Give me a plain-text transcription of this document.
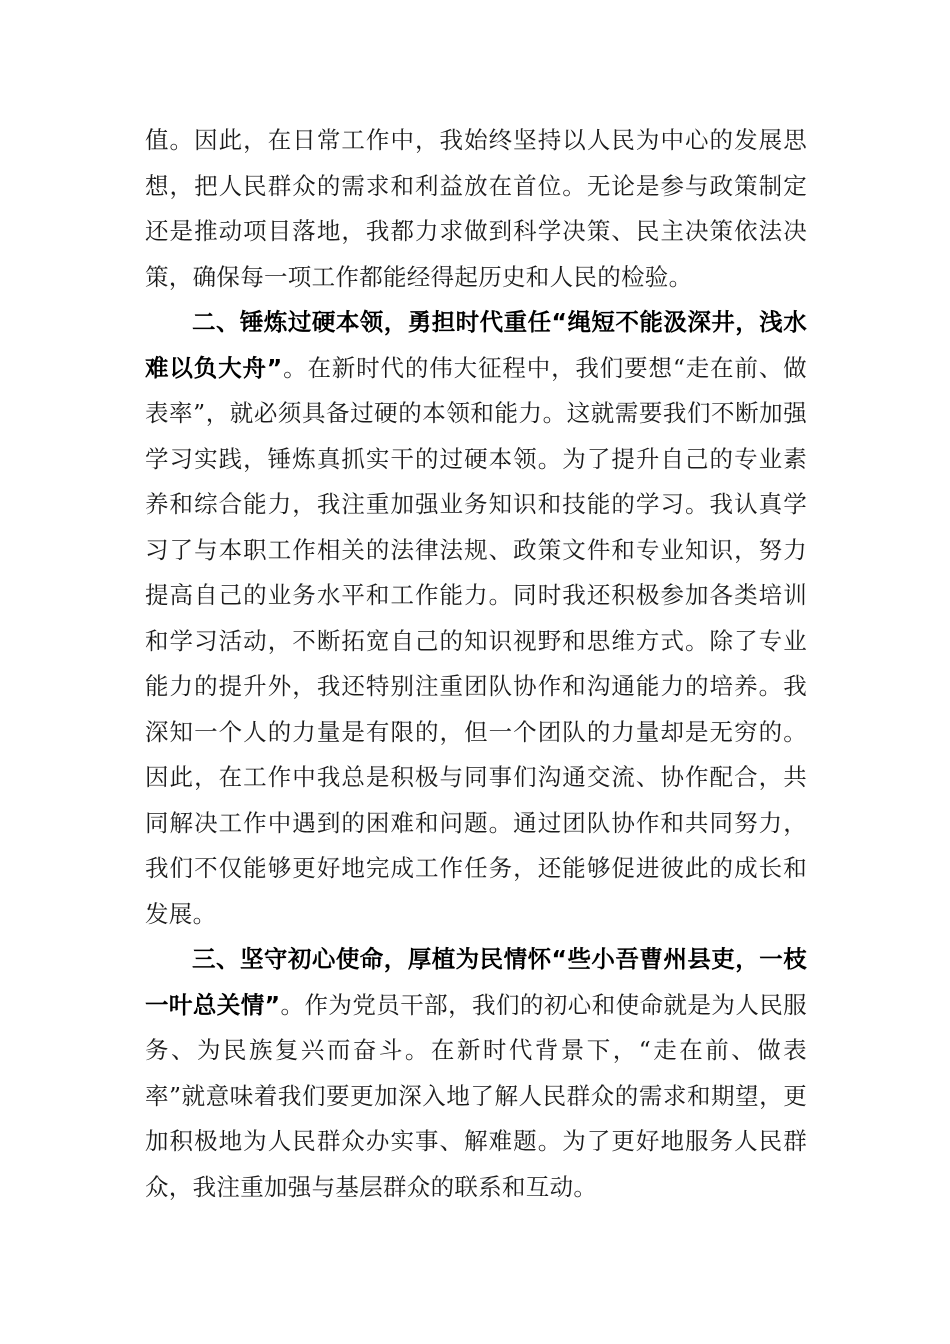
值。因此，在日常工作中，我始终坚持以人民为中心的发展思想，把人民群众的需求和利益放在首位。无论是参与政策制定还是推动项目落地，我都力求做到科学决策、民主决策依法决策，确保每一项工作都能经得起历史和人民的检验。

二、锤炼过硬本领，勇担时代重任“绳短不能汲深井，浅水难以负大舟”。在新时代的伟大征程中，我们要想“走在前、做表率”，就必须具备过硬的本领和能力。这就需要我们不断加强学习实践，锤炼真抓实干的过硬本领。为了提升自己的专业素养和综合能力，我注重加强业务知识和技能的学习。我认真学习了与本职工作相关的法律法规、政策文件和专业知识，努力提高自己的业务水平和工作能力。同时我还积极参加各类培训和学习活动，不断拓宽自己的知识视野和思维方式。除了专业能力的提升外，我还特别注重团队协作和沟通能力的培养。我深知一个人的力量是有限的，但一个团队的力量却是无穷的。因此，在工作中我总是积极与同事们沟通交流、协作配合，共同解决工作中遇到的困难和问题。通过团队协作和共同努力，我们不仅能够更好地完成工作任务，还能够促进彼此的成长和发展。

三、坚守初心使命，厚植为民情怀“些小吾曹州县吏，一枝一叶总关情”。作为党员干部，我们的初心和使命就是为人民服务、为民族复兴而奋斗。在新时代背景下，“走在前、做表率”就意味着我们要更加深入地了解人民群众的需求和期望，更加积极地为人民群众办实事、解难题。为了更好地服务人民群众，我注重加强与基层群众的联系和互动。
